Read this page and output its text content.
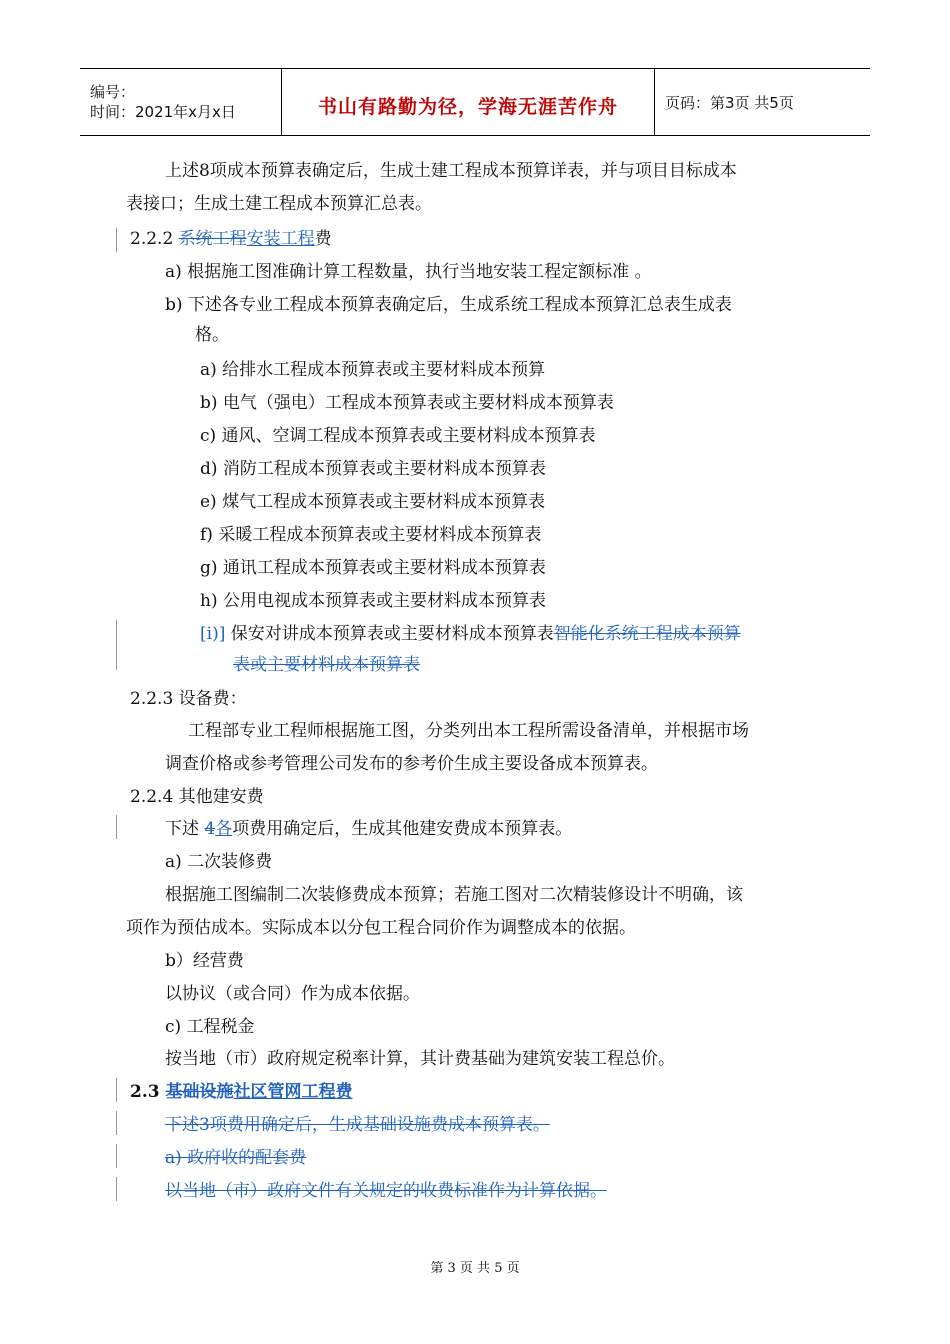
编号：
时间：2021年x月x日	书山有路勤为径，学海无涯苦作舟	页码：第3页 共5页
上述8项成本预算表确定后，生成土建工程成本预算详表，并与项目目标成本
表接口；生成土建工程成本预算汇总表。
2.2.2 系统工程安装工程费
a) 根据施工图准确计算工程数量，执行当地安装工程定额标准 。
b) 下述各专业工程成本预算表确定后，生成系统工程成本预算汇总表生成表
格。
a) 给排水工程成本预算表或主要材料成本预算
b) 电气（强电）工程成本预算表或主要材料成本预算表
c) 通风、空调工程成本预算表或主要材料成本预算表
d) 消防工程成本预算表或主要材料成本预算表
e) 煤气工程成本预算表或主要材料成本预算表
f) 采暖工程成本预算表或主要材料成本预算表
g) 通讯工程成本预算表或主要材料成本预算表
h) 公用电视成本预算表或主要材料成本预算表
[i)] 保安对讲成本预算表或主要材料成本预算表智能化系统工程成本预算
表或主要材料成本预算表
2.2.3 设备费：
工程部专业工程师根据施工图，分类列出本工程所需设备清单，并根据市场
调查价格或参考管理公司发布的参考价生成主要设备成本预算表。
2.2.4 其他建安费
下述 4各项费用确定后，生成其他建安费成本预算表。
a) 二次装修费
根据施工图编制二次装修费成本预算；若施工图对二次精装修设计不明确，该
项作为预估成本。实际成本以分包工程合同价作为调整成本的依据。
b）经营费
以协议（或合同）作为成本依据。
c) 工程税金
按当地（市）政府规定税率计算，其计费基础为建筑安装工程总价。
2.3 基础设施社区管网工程费
下述3项费用确定后，生成基础设施费成本预算表。
a) 政府收的配套费
以当地（市）政府文件有关规定的收费标准作为计算依据。
第 3 页 共 5 页
